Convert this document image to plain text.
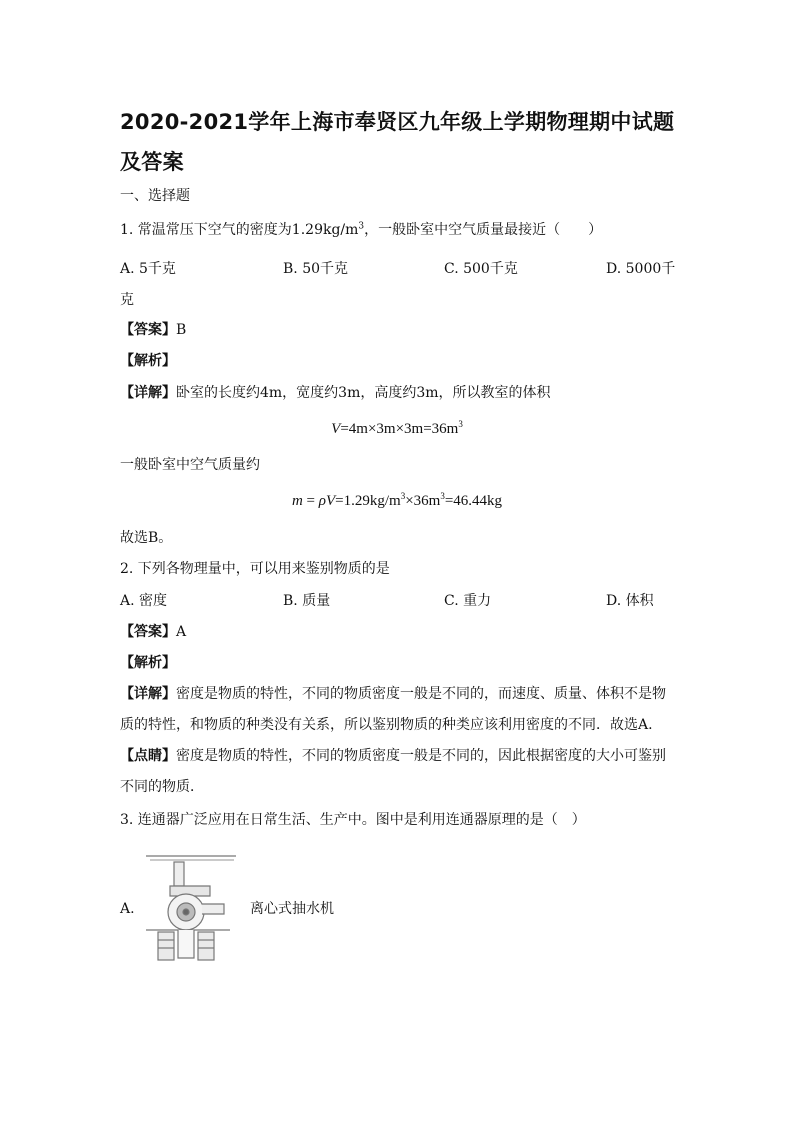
2020-2021学年上海市奉贤区九年级上学期物理期中试题及答案
一、选择题
1. 常温常压下空气的密度为$1.29kg/m^3$，一般卧室中空气质量最接近（　　）
A. 5千克	B. 50千克	C. 500千克	D. 5000千
克
【答案】B
【解析】
【详解】卧室的长度约4m，宽度约3m，高度约3m，所以教室的体积
$V=4m\times 3m\times 3m=36m^3$
一般卧室中空气质量约
$m = \rho V=1.29kg/m^3\times 36m^3=46.44kg$
故选B。
2. 下列各物理量中，可以用来鉴别物质的是
A. 密度	B. 质量	C. 重力	D. 体积
【答案】A
【解析】
【详解】密度是物质的特性，不同的物质密度一般是不同的，而速度、质量、体积不是物质的特性，和物质的种类没有关系，所以鉴别物质的种类应该利用密度的不同．故选A.
【点睛】密度是物质的特性，不同的物质密度一般是不同的，因此根据密度的大小可鉴别不同的物质．
3. 连通器广泛应用在日常生活、生产中。图中是利用连通器原理的是（　）
A.	离心式抽水机
